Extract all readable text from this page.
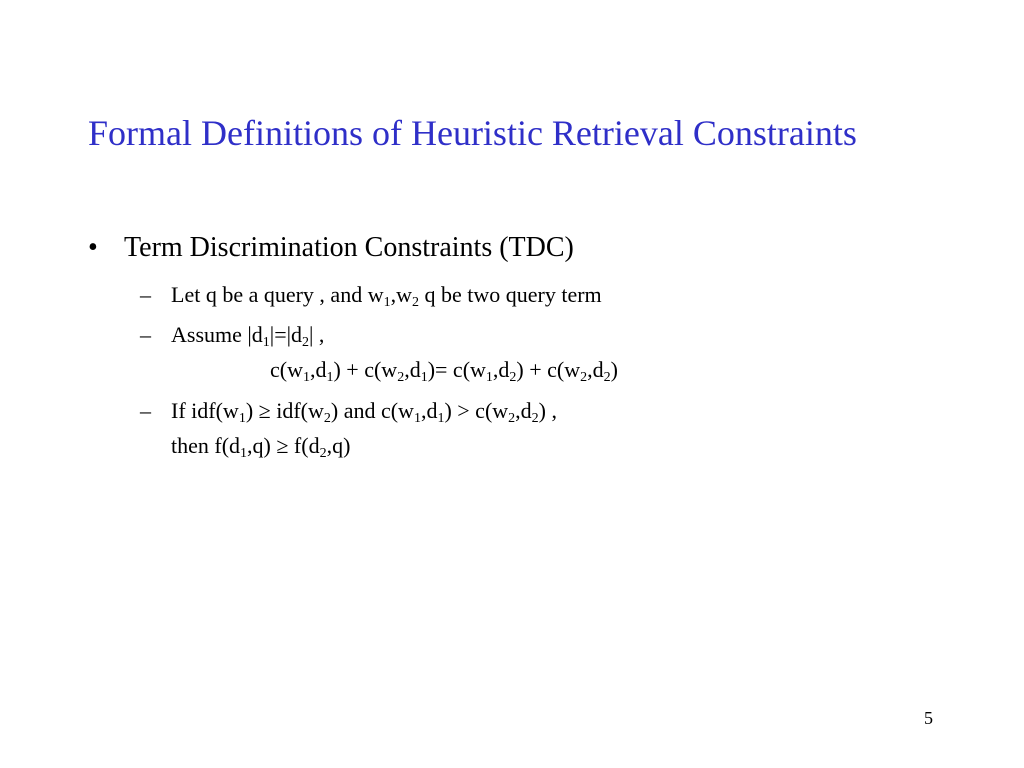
Formal Definitions of Heuristic Retrieval Constraints
• Term Discrimination Constraints (TDC)
– Let q be a query , and $w_1,w_2$ q be two query term
– Assume $|d_1|=|d_2|$ ,
$c(w_1,d_1) + c(w_2,d_1)= c(w_1,d_2) + c(w_2,d_2)$
– If $idf(w_1) \ge idf(w_2)$ and $c(w_1,d_1) > c(w_2,d_2)$ ,
then $f(d_1,q) \ge f(d_2,q)$
5
